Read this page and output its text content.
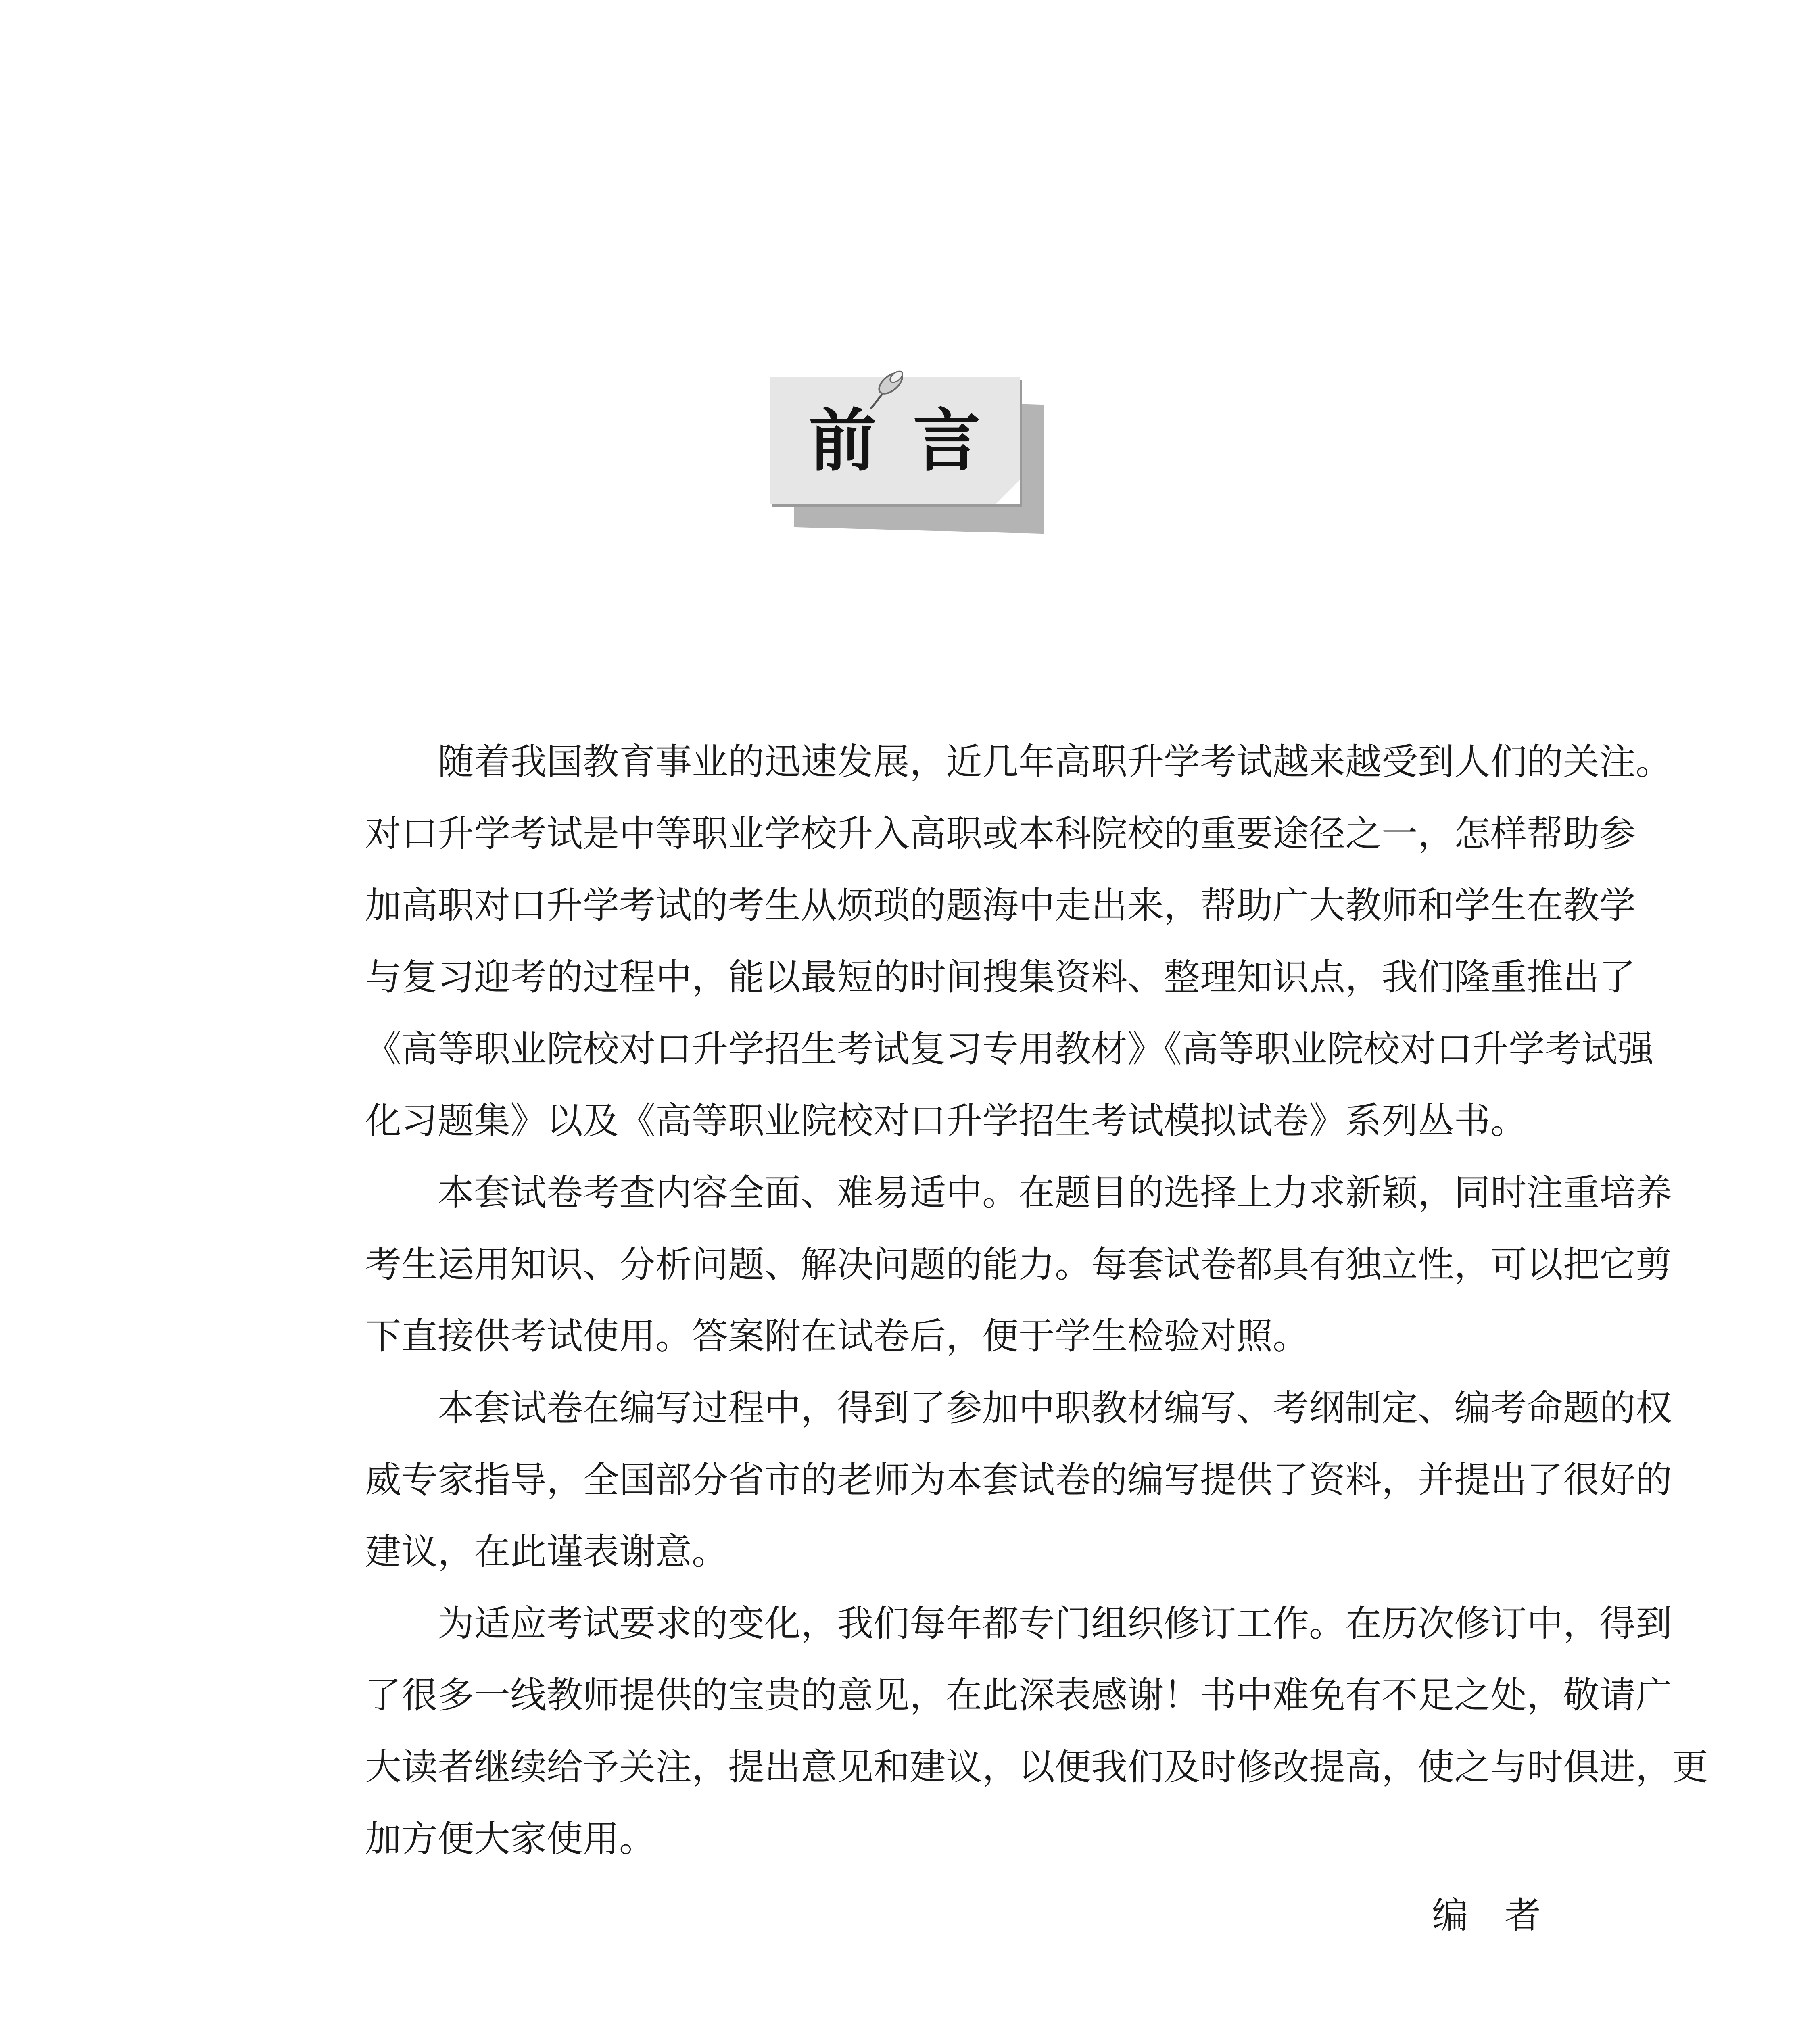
前言
随着我国教育事业的迅速发展，近几年高职升学考试越来越受到人们的关注。
对口升学考试是中等职业学校升入高职或本科院校的重要途径之一，怎样帮助参
加高职对口升学考试的考生从烦琐的题海中走出来，帮助广大教师和学生在教学
与复习迎考的过程中，能以最短的时间搜集资料、整理知识点，我们隆重推出了
《高等职业院校对口升学招生考试复习专用教材》《高等职业院校对口升学考试强
化习题集》以及《高等职业院校对口升学招生考试模拟试卷》系列丛书。
本套试卷考查内容全面、难易适中。在题目的选择上力求新颖，同时注重培养
考生运用知识、分析问题、解决问题的能力。每套试卷都具有独立性，可以把它剪
下直接供考试使用。答案附在试卷后，便于学生检验对照。
本套试卷在编写过程中，得到了参加中职教材编写、考纲制定、编考命题的权
威专家指导，全国部分省市的老师为本套试卷的编写提供了资料，并提出了很好的
建议，在此谨表谢意。
为适应考试要求的变化，我们每年都专门组织修订工作。在历次修订中，得到
了很多一线教师提供的宝贵的意见，在此深表感谢！书中难免有不足之处，敬请广
大读者继续给予关注，提出意见和建议，以便我们及时修改提高，使之与时俱进，更
加方便大家使用。
编者
